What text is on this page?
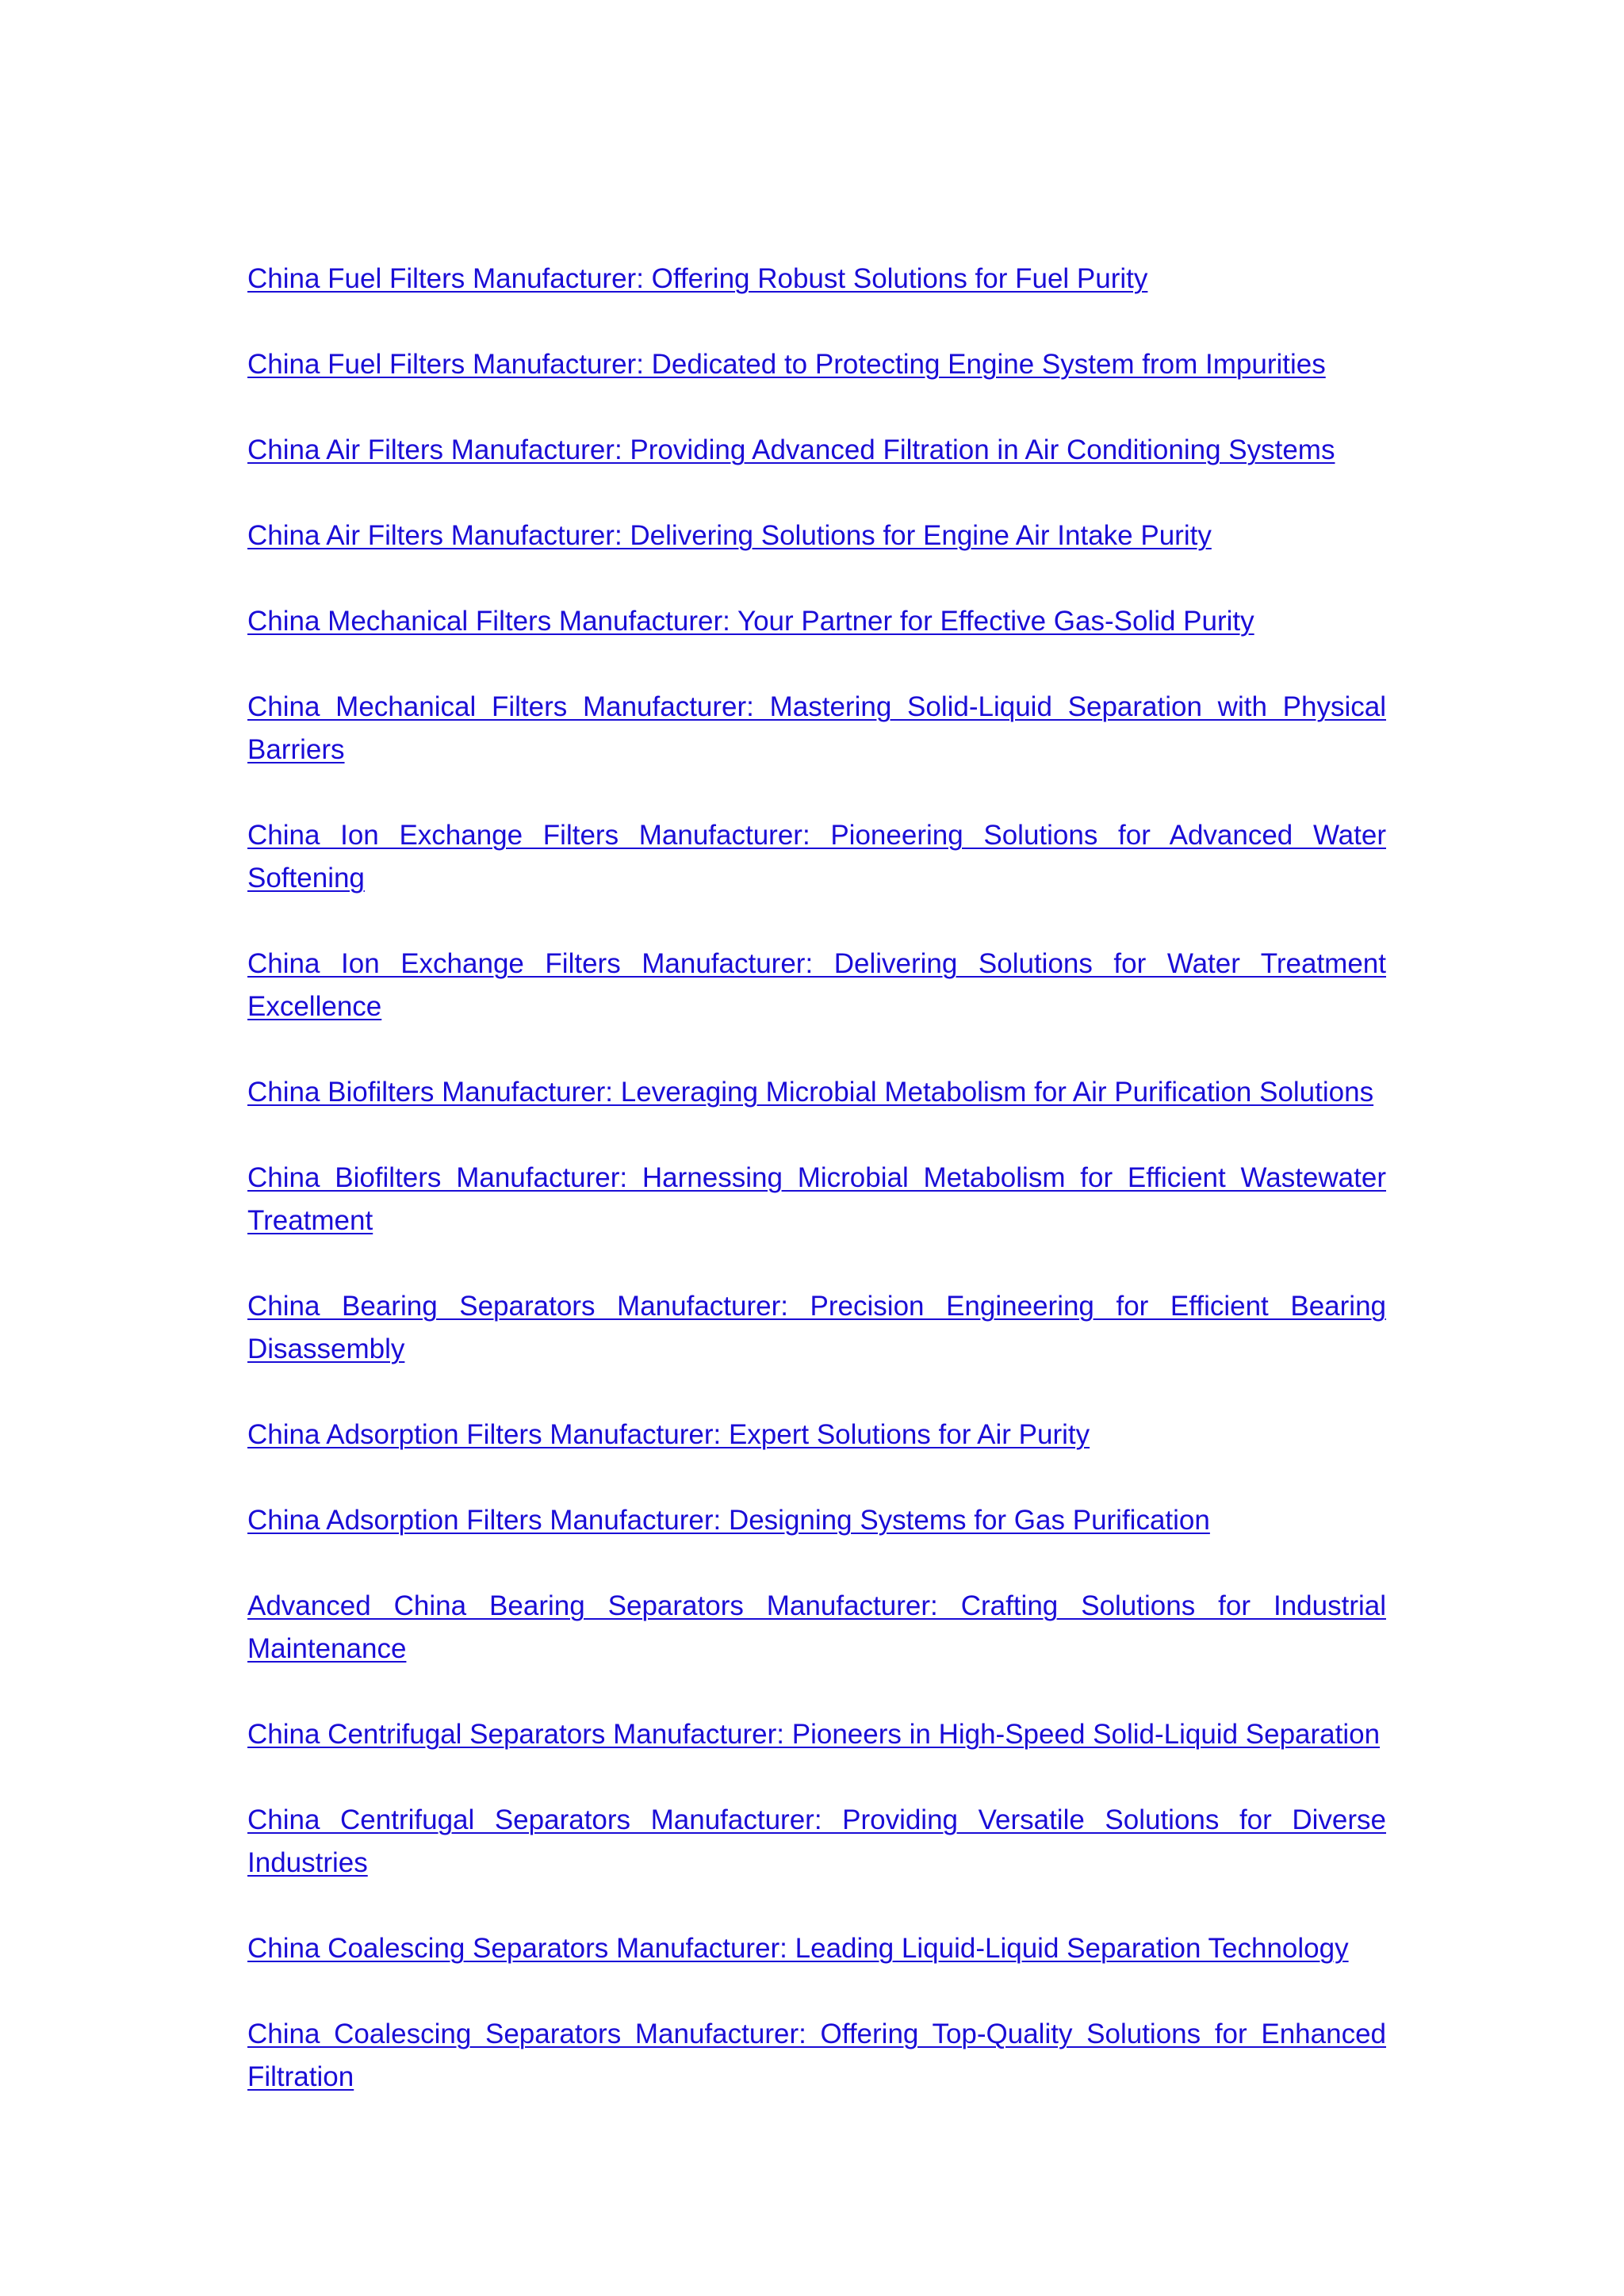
China Fuel Filters Manufacturer: Offering Robust Solutions for Fuel Purity
China Fuel Filters Manufacturer: Dedicated to Protecting Engine System from Impurities
China Air Filters Manufacturer: Providing Advanced Filtration in Air Conditioning Systems
China Air Filters Manufacturer: Delivering Solutions for Engine Air Intake Purity
China Mechanical Filters Manufacturer: Your Partner for Effective Gas-Solid Purity
China Mechanical Filters Manufacturer: Mastering Solid-Liquid Separation with Physical Barriers
China Ion Exchange Filters Manufacturer: Pioneering Solutions for Advanced Water Softening
China Ion Exchange Filters Manufacturer: Delivering Solutions for Water Treatment Excellence
China Biofilters Manufacturer: Leveraging Microbial Metabolism for Air Purification Solutions
China Biofilters Manufacturer: Harnessing Microbial Metabolism for Efficient Wastewater Treatment
China Bearing Separators Manufacturer: Precision Engineering for Efficient Bearing Disassembly
China Adsorption Filters Manufacturer: Expert Solutions for Air Purity
China Adsorption Filters Manufacturer: Designing Systems for Gas Purification
Advanced China Bearing Separators Manufacturer: Crafting Solutions for Industrial Maintenance
China Centrifugal Separators Manufacturer: Pioneers in High-Speed Solid-Liquid Separation
China Centrifugal Separators Manufacturer: Providing Versatile Solutions for Diverse Industries
China Coalescing Separators Manufacturer: Leading Liquid-Liquid Separation Technology
China Coalescing Separators Manufacturer: Offering Top-Quality Solutions for Enhanced Filtration
